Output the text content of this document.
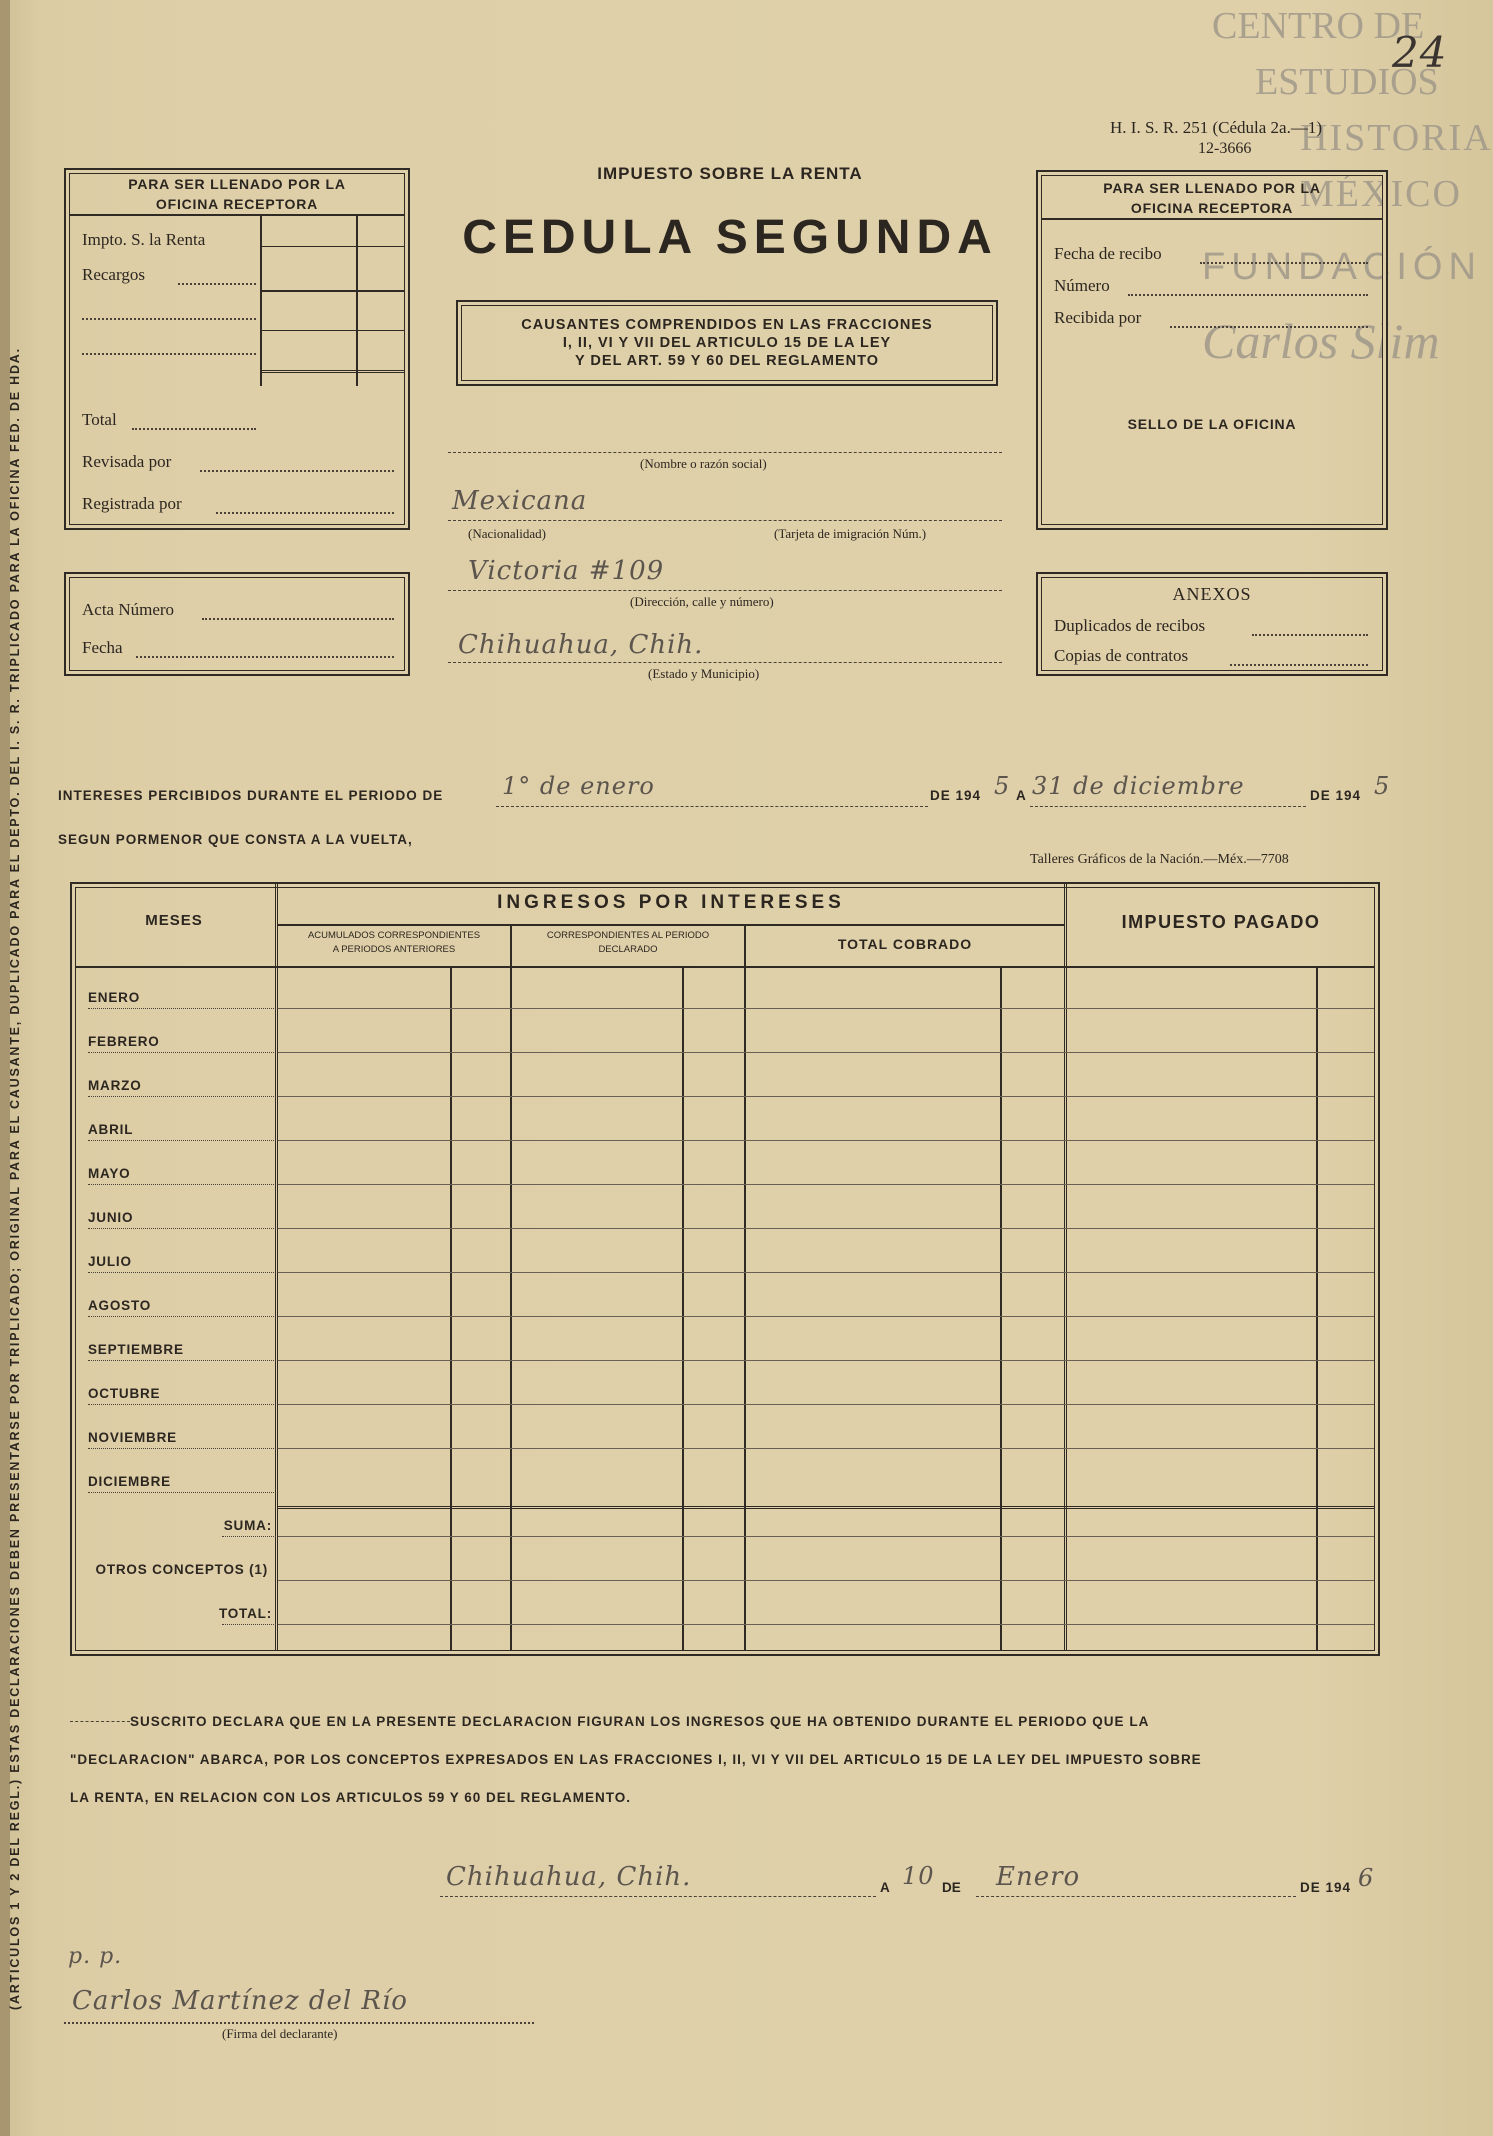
CENTRO DE
ESTUDIOS
HISTORIA
MÉXICO
FUNDACIÓN
Carlos Slim
24
(ARTICULOS 1 Y 2 DEL REGL.) ESTAS DECLARACIONES DEBEN PRESENTARSE POR TRIPLICADO; ORIGINAL PARA EL CAUSANTE, DUPLICADO PARA EL DEPTO. DEL I. S. R. TRIPLICADO PARA LA OFICINA FED. DE HDA.
H. I. S. R. 251 (Cédula 2a.—1)
12-3666
PARA SER LLENADO POR LA
OFICINA RECEPTORA
Impto. S. la Renta
Recargos
Total
Revisada por
Registrada por
Acta Número
Fecha
IMPUESTO SOBRE LA RENTA
CEDULA SEGUNDA
CAUSANTES COMPRENDIDOS EN LAS FRACCIONES
I, II, VI Y VII DEL ARTICULO 15 DE LA LEY
Y DEL ART. 59 Y 60 DEL REGLAMENTO
(Nombre o razón social)
Mexicana
(Nacionalidad)	(Tarjeta de imigración Núm.)
Victoria #109
(Dirección, calle y número)
Chihuahua, Chih.
(Estado y Municipio)
PARA SER LLENADO POR LA
OFICINA RECEPTORA
Fecha de recibo
Número
Recibida por
SELLO DE LA OFICINA
ANEXOS
Duplicados de recibos
Copias de contratos
INTERESES PERCIBIDOS DURANTE EL PERIODO DE 1° de enero	DE 194 5 A 31 de diciembre	DE 194 5
SEGUN PORMENOR QUE CONSTA A LA VUELTA,
Talleres Gráficos de la Nación.—Méx.—7708
MESES
INGRESOS POR INTERESES
ACUMULADOS CORRESPONDIENTES
A PERIODOS ANTERIORES
CORRESPONDIENTES AL PERIODO
DECLARADO	TOTAL COBRADO
IMPUESTO PAGADO
ENERO
FEBRERO
MARZO
ABRIL
MAYO
JUNIO
JULIO
AGOSTO
SEPTIEMBRE
OCTUBRE
NOVIEMBRE
DICIEMBRE
SUMA:
OTROS CONCEPTOS (1)
TOTAL:
SUSCRITO DECLARA QUE EN LA PRESENTE DECLARACION FIGURAN LOS INGRESOS QUE HA OBTENIDO DURANTE EL PERIODO QUE LA
"DECLARACION" ABARCA, POR LOS CONCEPTOS EXPRESADOS EN LAS FRACCIONES I, II, VI Y VII DEL ARTICULO 15 DE LA LEY DEL IMPUESTO SOBRE
LA RENTA, EN RELACION CON LOS ARTICULOS 59 Y 60 DEL REGLAMENTO.
Chihuahua, Chih.	A 10 DE Enero	DE 194 6
p. p.
Carlos Martínez del Río
(Firma del declarante)
